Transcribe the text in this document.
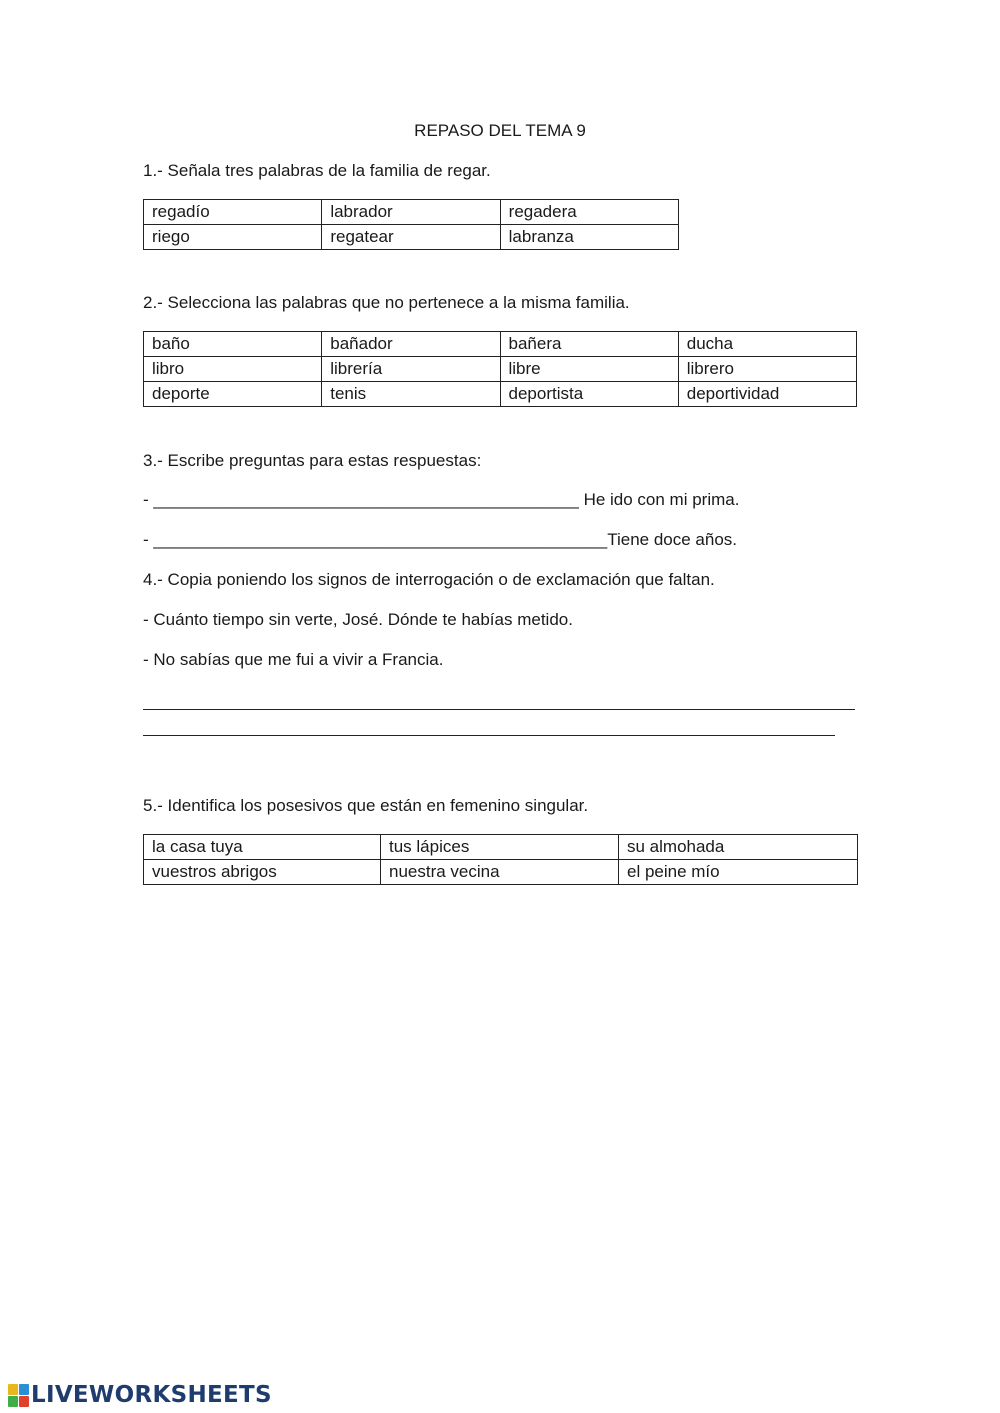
REPASO DEL TEMA 9
1.- Señala tres palabras de la familia de regar.
regadío	labrador	regadera
riego	regatear	labranza
2.- Selecciona las palabras que no pertenece a la misma familia.
baño	bañador	bañera	ducha
libro	librería	libre	librero
deporte	tenis	deportista	deportividad
3.- Escribe preguntas para estas respuestas:
- _____________________________________________ He ido con mi prima.
- ________________________________________________Tiene doce años.
4.- Copia poniendo los signos de interrogación o de exclamación que faltan.
- Cuánto tiempo sin verte, José. Dónde te habías metido.
- No sabías que me fui a vivir a Francia.
5.- Identifica los posesivos que están en femenino singular.
la casa tuya	tus lápices	su almohada
vuestros abrigos	nuestra vecina	el peine mío
LIVEWORKSHEETS
